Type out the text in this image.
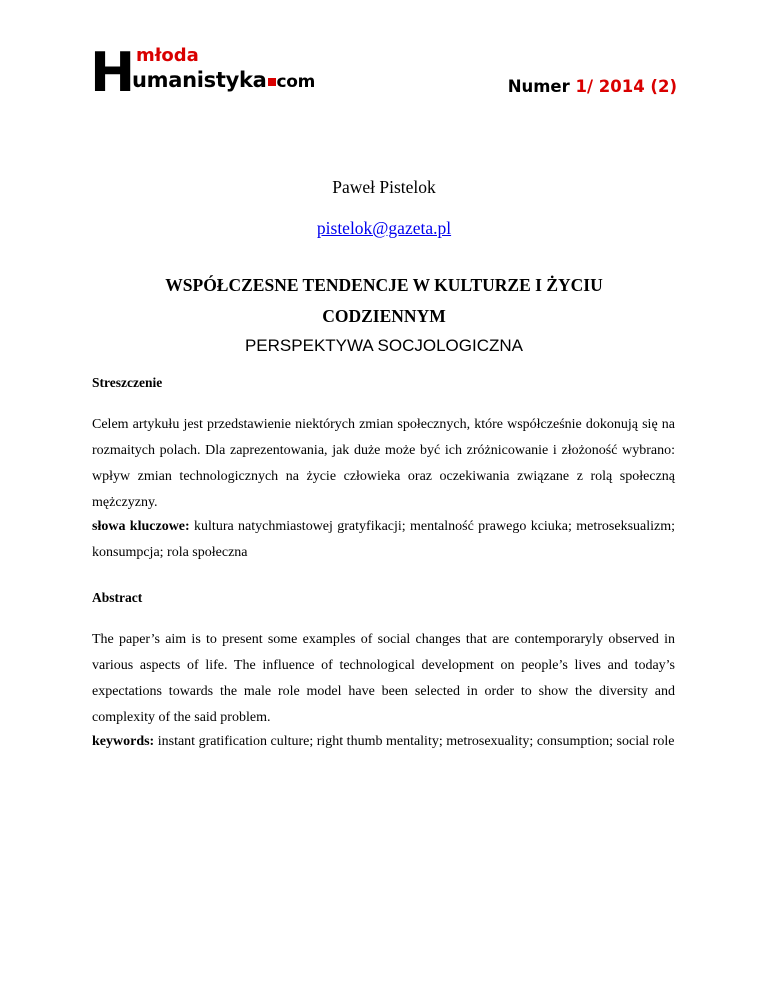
H młoda
umanistyka com	Numer 1/ 2014 (2)
Paweł Pistelok
pistelok@gazeta.pl
WSPÓŁCZESNE TENDENCJE W KULTURZE I ŻYCIU
CODZIENNYM
PERSPEKTYWA SOCJOLOGICZNA
Streszczenie
Celem artykułu jest przedstawienie niektórych zmian społecznych, które współcześnie dokonują się na rozmaitych polach. Dla zaprezentowania, jak duże może być ich zróżnicowanie i złożoność wybrano: wpływ zmian technologicznych na życie człowieka oraz oczekiwania związane z rolą społeczną mężczyzny.
słowa kluczowe: kultura natychmiastowej gratyfikacji; mentalność prawego kciuka; metroseksualizm; konsumpcja; rola społeczna
Abstract
The paper’s aim is to present some examples of social changes that are contemporaryly observed in various aspects of life. The influence of technological development on people’s lives and today’s expectations towards the male role model have been selected in order to show the diversity and complexity of the said problem.
keywords: instant gratification culture; right thumb mentality; metrosexuality; consumption; social role
